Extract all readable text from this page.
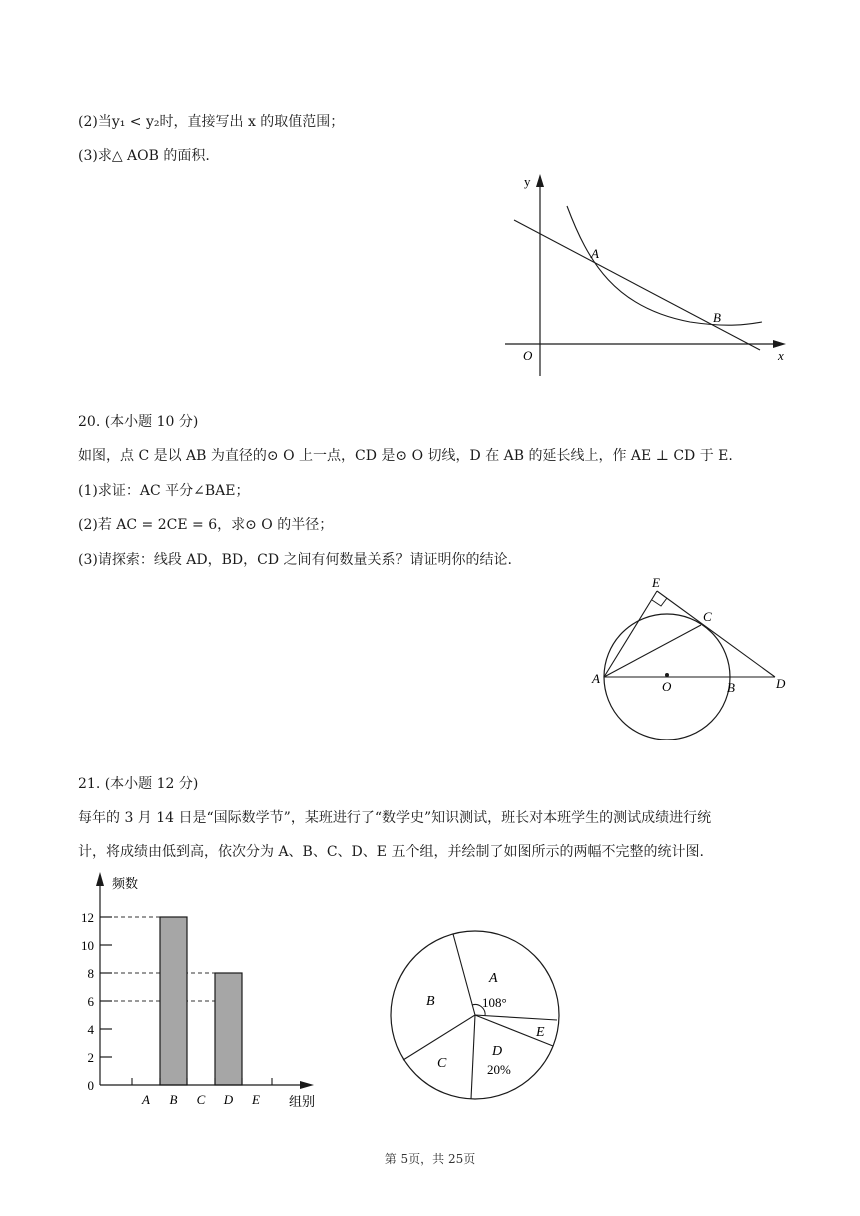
(2)当y₁ < y₂时，直接写出 x 的取值范围；
(3)求△ AOB 的面积.
y
x
O
A
B
20. (本小题 10 分)
如图，点 C 是以 AB 为直径的⊙ O 上一点，CD 是⊙ O 切线，D 在 AB 的延长线上，作 AE ⊥ CD 于 E.
(1)求证：AC 平分∠BAE；
(2)若 AC = 2CE = 6，求⊙ O 的半径；
(3)请探索：线段 AD，BD，CD 之间有何数量关系？请证明你的结论.
E
C
A
O	B	D
21. (本小题 12 分)
每年的 3 月 14 日是“国际数学节”，某班进行了“数学史”知识测试，班长对本班学生的测试成绩进行统
计，将成绩由低到高，依次分为 A、B、C、D、E 五个组，并绘制了如图所示的两幅不完整的统计图.
0
2
4
6
8
10
12
A B C D E
频数
组别
A
108°
B
C
D
20%
E
第 5页，共 25页
